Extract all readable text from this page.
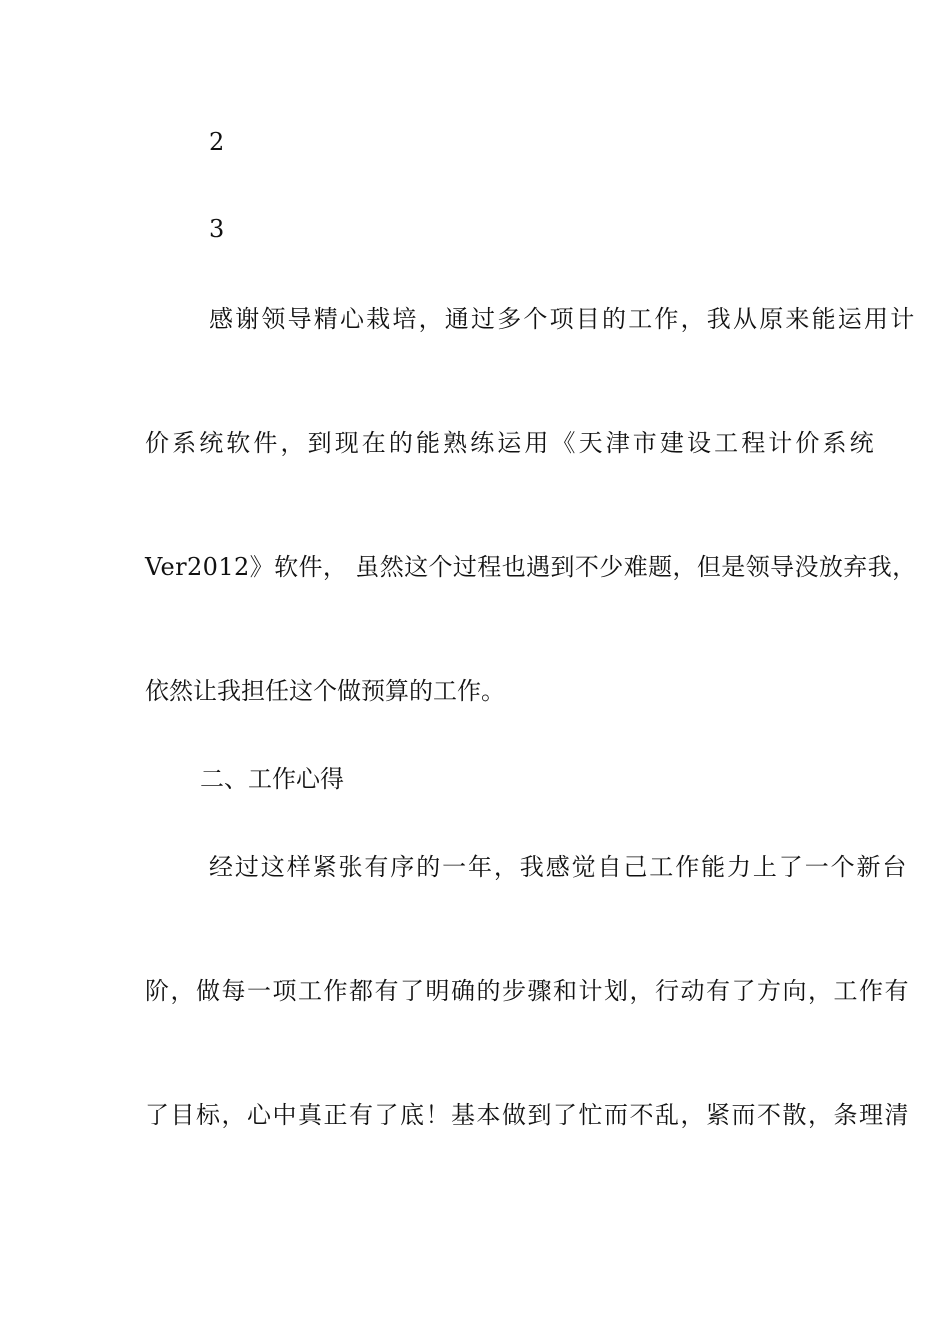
2
3
感谢领导精心栽培，通过多个项目的工作，我从原来能运用计
价系统软件，到现在的能熟练运用《天津市建设工程计价系统
Ver2012》软件， 虽然这个过程也遇到不少难题，但是领导没放弃我，
依然让我担任这个做预算的工作。
二、工作心得
经过这样紧张有序的一年，我感觉自己工作能力上了一个新台
阶，做每一项工作都有了明确的步骤和计划，行动有了方向，工作有
了目标，心中真正有了底！基本做到了忙而不乱，紧而不散，条理清
